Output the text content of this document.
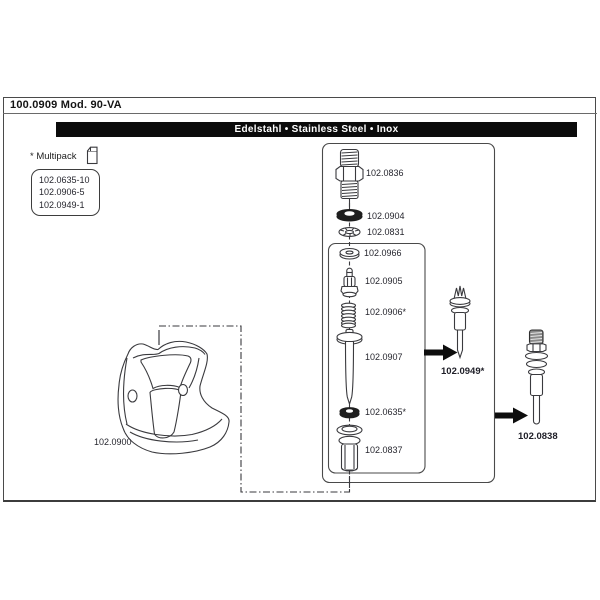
100.0909 Mod. 90-VA
Edelstahl • Stainless Steel • Inox
* Multipack
102.0635-10
102.0906-5
102.0949-1
102.0836
102.0904
102.0831
102.0966
102.0905
102.0906*
102.0907
102.0635*
102.0837
102.0949*
102.0838
102.0900
